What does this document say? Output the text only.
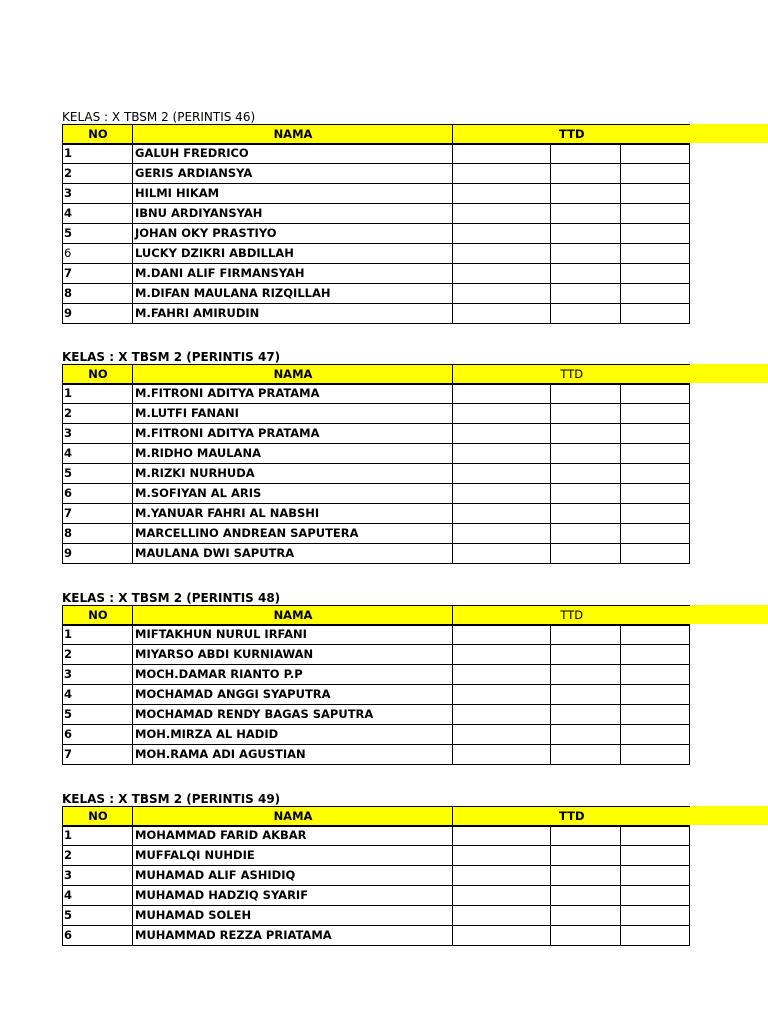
KELAS : X TBSM 2 (PERINTIS 46)
NO	NAMA	TTD
1	GALUH FREDRICO			
2	GERIS ARDIANSYA			
3	HILMI HIKAM			
4	IBNU ARDIYANSYAH			
5	JOHAN OKY PRASTIYO			
6	LUCKY DZIKRI ABDILLAH			
7	M.DANI ALIF FIRMANSYAH			
8	M.DIFAN MAULANA RIZQILLAH			
9	M.FAHRI AMIRUDIN			
KELAS : X TBSM 2 (PERINTIS 47)
NO	NAMA	TTD
1	M.FITRONI ADITYA PRATAMA			
2	M.LUTFI FANANI			
3	M.FITRONI ADITYA PRATAMA			
4	M.RIDHO MAULANA			
5	M.RIZKI NURHUDA			
6	M.SOFIYAN AL ARIS			
7	M.YANUAR FAHRI AL NABSHI			
8	MARCELLINO ANDREAN SAPUTERA			
9	MAULANA DWI SAPUTRA			
KELAS : X TBSM 2 (PERINTIS 48)
NO	NAMA	TTD
1	MIFTAKHUN NURUL IRFANI			
2	MIYARSO ABDI KURNIAWAN			
3	MOCH.DAMAR RIANTO P.P			
4	MOCHAMAD ANGGI SYAPUTRA			
5	MOCHAMAD RENDY BAGAS SAPUTRA			
6	MOH.MIRZA AL HADID			
7	MOH.RAMA ADI AGUSTIAN			
KELAS : X TBSM 2 (PERINTIS 49)
NO	NAMA	TTD
1	MOHAMMAD FARID AKBAR			
2	MUFFALQI NUHDIE			
3	MUHAMAD ALIF ASHIDIQ			
4	MUHAMAD HADZIQ SYARIF			
5	MUHAMAD SOLEH			
6	MUHAMMAD REZZA PRIATAMA			
